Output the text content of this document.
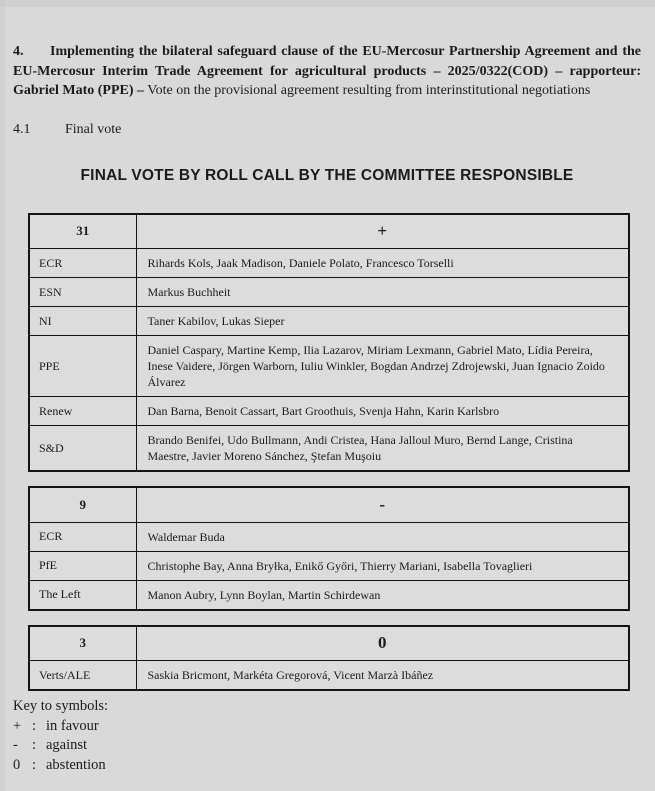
4. Implementing the bilateral safeguard clause of the EU-Mercosur Partnership Agreement and the EU-Mercosur Interim Trade Agreement for agricultural products – 2025/0322(COD) – rapporteur: Gabriel Mato (PPE) – Vote on the provisional agreement resulting from interinstitutional negotiations

4.1 Final vote

FINAL VOTE BY ROLL CALL BY THE COMMITTEE RESPONSIBLE
31	+
ECR	Rihards Kols, Jaak Madison, Daniele Polato, Francesco Torselli
ESN	Markus Buchheit
NI	Taner Kabilov, Lukas Sieper
PPE	Daniel Caspary, Martine Kemp, Ilia Lazarov, Miriam Lexmann, Gabriel Mato, Lídia Pereira, Inese Vaidere, Jörgen Warborn, Iuliu Winkler, Bogdan Andrzej Zdrojewski, Juan Ignacio Zoido Álvarez
Renew	Dan Barna, Benoit Cassart, Bart Groothuis, Svenja Hahn, Karin Karlsbro
S&D	Brando Benifei, Udo Bullmann, Andi Cristea, Hana Jalloul Muro, Bernd Lange, Cristina Maestre, Javier Moreno Sánchez, Ştefan Muşoiu
9	-
ECR	Waldemar Buda
PfE	Christophe Bay, Anna Bryłka, Enikő Győri, Thierry Mariani, Isabella Tovaglieri
The Left	Manon Aubry, Lynn Boylan, Martin Schirdewan
3	0
Verts/ALE	Saskia Bricmont, Markéta Gregorová, Vicent Marzà Ibáñez
Key to symbols:
+ : in favour
- : against
0 : abstention
